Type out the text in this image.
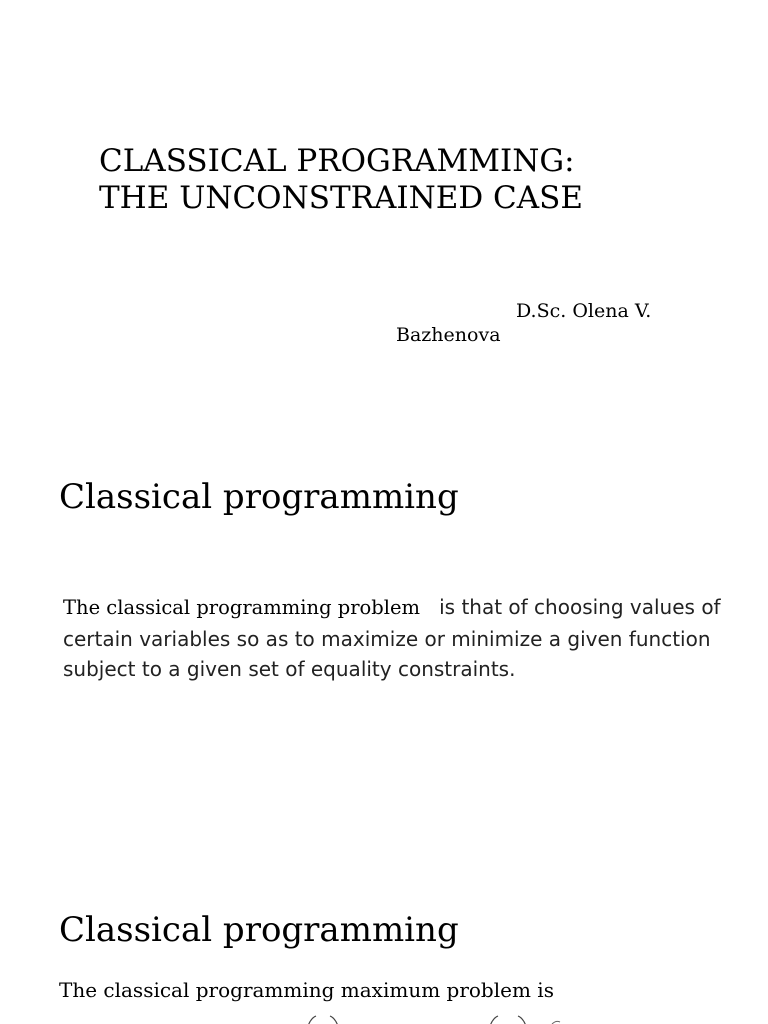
CLASSICAL PROGRAMMING:
THE UNCONSTRAINED CASE
D.Sc. Olena V.
Bazhenova
Classical programming
The classical programming problem   is that of choosing values of certain variables so as to maximize or minimize a given function subject to a given set of equality constraints.
Classical programming
The classical programming maximum problem is
